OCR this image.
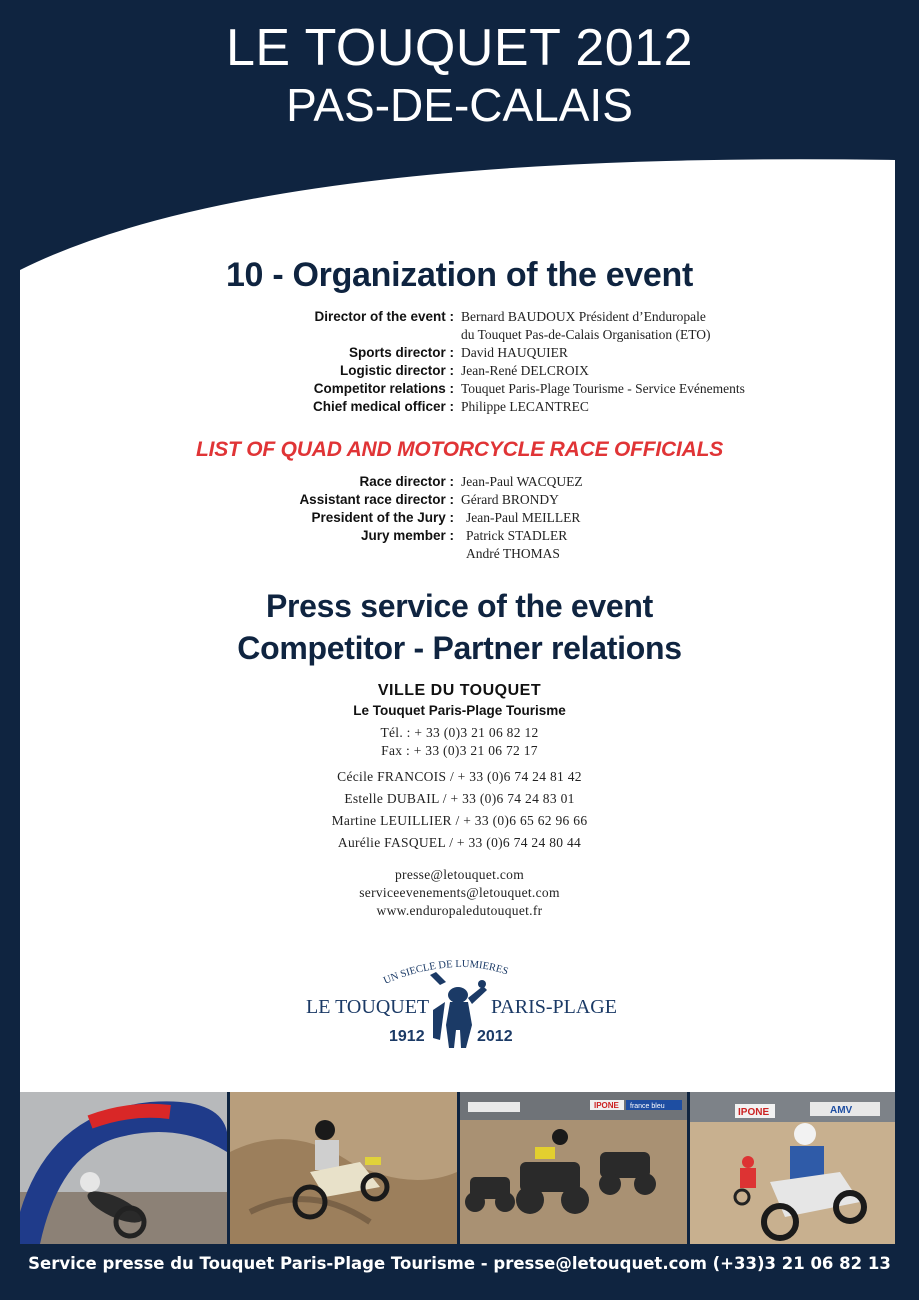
LE TOUQUET 2012
PAS-DE-CALAIS
10 - Organization of the event
Director of the event : Bernard BAUDOUX Président d’Enduropale
du Touquet Pas-de-Calais Organisation (ETO)
Sports director : David HAUQUIER
Logistic director : Jean-René DELCROIX
Competitor relations : Touquet Paris-Plage Tourisme - Service Evénements
Chief medical officer : Philippe LECANTREC
LIST OF QUAD AND MOTORCYCLE RACE OFFICIALS
Race director : Jean-Paul WACQUEZ
Assistant race director : Gérard BRONDY
President of the Jury : Jean-Paul MEILLER
Jury member : Patrick STADLER
André THOMAS
Press service of the event
Competitor - Partner relations
VILLE DU TOUQUET
Le Touquet Paris-Plage Tourisme
Tél. : + 33 (0)3 21 06 82 12
Fax : + 33 (0)3 21 06 72 17
Cécile FRANCOIS / + 33 (0)6 74 24 81 42
Estelle DUBAIL / + 33 (0)6 74 24 83 01
Martine LEUILLIER / + 33 (0)6 65 62 96 66
Aurélie FASQUEL / + 33 (0)6 74 24 80 44
presse@letouquet.com
serviceevenements@letouquet.com
www.enduropaledutouquet.fr
UN SIECLE DE LUMIERES
LE TOUQUET	PARIS-PLAGE
1912	2012
IPONE france bleu
IPONE	AMV
Service presse du Touquet Paris-Plage Tourisme - presse@letouquet.com (+33)3 21 06 82 13
